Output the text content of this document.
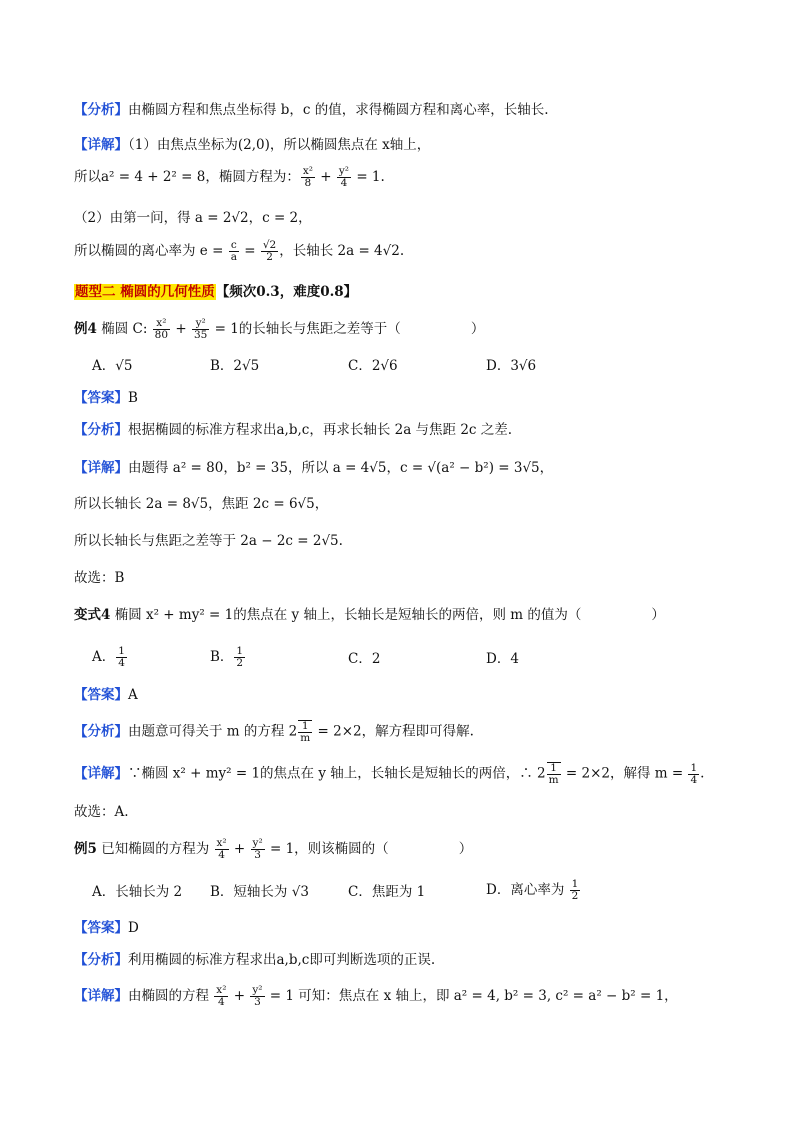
【 分析 】 由椭圆方程和焦点坐标得 b，c 的值，求得椭圆方程和离心率，长轴长.
【 详解 】 （1）由焦点坐标为(2,0)，所以椭圆焦点在 x轴上，
所以a² = 4 + 2² = 8，椭圆方程为： $\frac{\text{x²}}{8} + \frac{\text{y²}}{4} = 1$.
（2）由第一问，得 a = 2√2，c = 2，
所以椭圆的离心率为 $e = \frac{c}{a} = \frac{√2}{2}$ ，长轴长 2a = 4√2.
题型二 椭圆的几何性质【频次0.3，难度0.8】
例4 椭圆 C: $\frac{\text{x²}}{80} + \frac{\text{y²}}{35} = 1$的长轴长与焦距之差等于（	）
A．√5	B．2√5	C．2√6	D．3√6
【 答案 】 B
【 分析 】 根据椭圆的标准方程求出a,b,c，再求长轴长 2a 与焦距 2c 之差.
【 详解 】 由题得 a² = 80，b² = 35，所以 a = 4√5，c = √(a² − b²) = 3√5，
所以长轴长 2a = 8√5，焦距 2c = 6√5，
所以长轴长与焦距之差等于 2a − 2c = 2√5.
故选：B
变式4 椭圆 x² + my² = 1的焦点在 y 轴上，长轴长是短轴长的两倍，则 m 的值为（	）
A． $\frac{1}{4}$	B． $\frac{1}{2}$	C．2	D．4
【 答案 】 A
【 分析 】 由题意可得关于 m 的方程 $2 \frac{1}{m} = 2\times 2$，解方程即可得解.
【 详解 】 ∵椭圆 x² + my² = 1的焦点在 y 轴上，长轴长是短轴长的两倍，∴ $2 \frac{1}{m} = 2\times 2$，解得 $m = \frac{1}{4}$ .
故选：A.
例5 已知椭圆的方程为 $\frac{\text{x²}}{4} + \frac{\text{y²}}{3} = 1$，则该椭圆的（	）
A．长轴长为 2 B．短轴长为 √3	C．焦距为 1	D．离心率为 $\frac{1}{2}$
【 答案 】 D
【 分析 】 利用椭圆的标准方程求出a,b,c即可判断选项的正误.
【 详解 】 由椭圆的方程 $\frac{\text{x²}}{4} + \frac{\text{y²}}{3} = 1$ 可知：焦点在 x 轴上，即 a² = 4, b² = 3, c² = a² − b² = 1，
